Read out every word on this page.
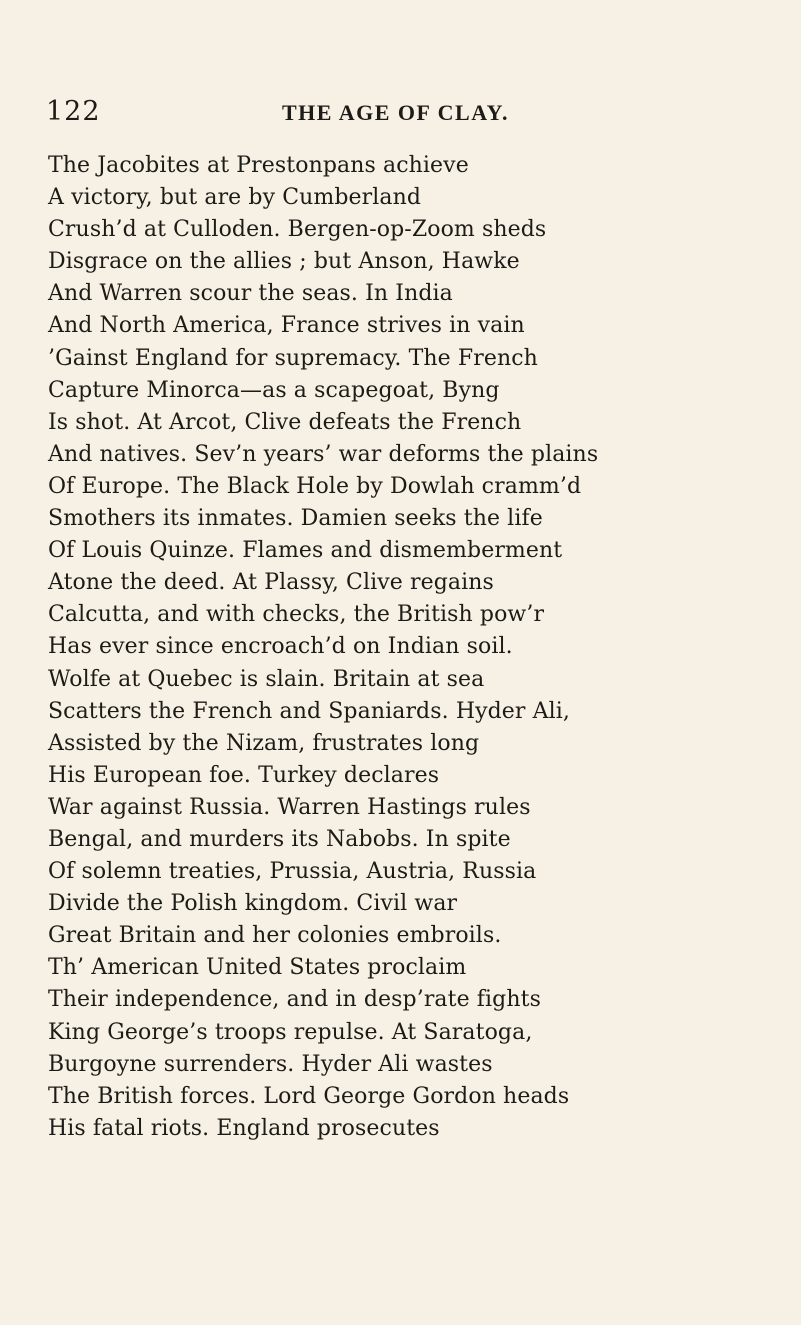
122	THE AGE OF CLAY.
The Jacobites at Prestonpans achieve
A victory, but are by Cumberland
Crush’d at Culloden. Bergen-op-Zoom sheds
Disgrace on the allies ; but Anson, Hawke
And Warren scour the seas. In India
And North America, France strives in vain
’Gainst England for supremacy. The French
Capture Minorca—as a scapegoat, Byng
Is shot. At Arcot, Clive defeats the French
And natives. Sev’n years’ war deforms the plains
Of Europe. The Black Hole by Dowlah cramm’d
Smothers its inmates. Damien seeks the life
Of Louis Quinze. Flames and dismemberment
Atone the deed. At Plassy, Clive regains
Calcutta, and with checks, the British pow’r
Has ever since encroach’d on Indian soil.
Wolfe at Quebec is slain. Britain at sea
Scatters the French and Spaniards. Hyder Ali,
Assisted by the Nizam, frustrates long
His European foe. Turkey declares
War against Russia. Warren Hastings rules
Bengal, and murders its Nabobs. In spite
Of solemn treaties, Prussia, Austria, Russia
Divide the Polish kingdom. Civil war
Great Britain and her colonies embroils.
Th’ American United States proclaim
Their independence, and in desp’rate fights
King George’s troops repulse. At Saratoga,
Burgoyne surrenders. Hyder Ali wastes
The British forces. Lord George Gordon heads
His fatal riots. England prosecutes
